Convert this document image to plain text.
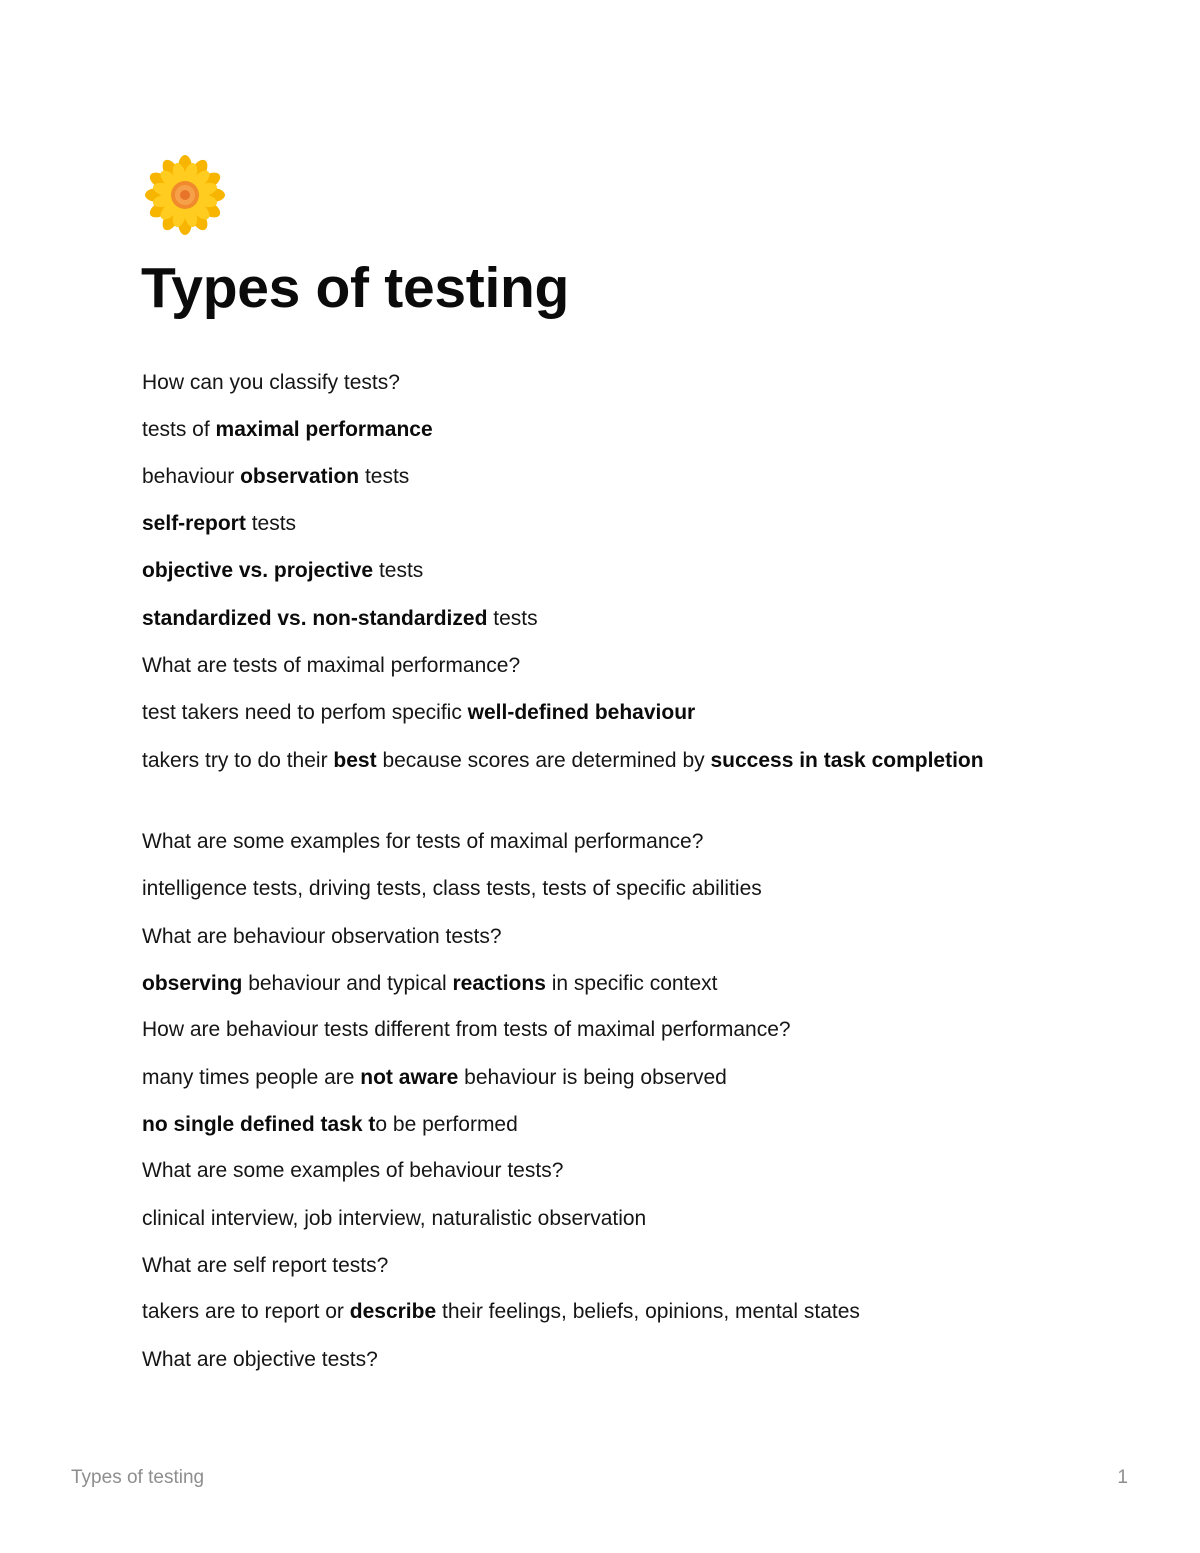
Types of testing

How can you classify tests?

tests of maximal performance

behaviour observation tests

self-report tests

objective vs. projective tests

standardized vs. non-standardized tests

What are tests of maximal performance?

test takers need to perfom specific well-defined behaviour

takers try to do their best because scores are determined by success in task completion

What are some examples for tests of maximal performance?

intelligence tests, driving tests, class tests, tests of specific abilities

What are behaviour observation tests?

observing behaviour and typical reactions in specific context

How are behaviour tests different from tests of maximal performance?

many times people are not aware behaviour is being observed

no single defined task to be performed

What are some examples of behaviour tests?

clinical interview, job interview, naturalistic observation

What are self report tests?

takers are to report or describe their feelings, beliefs, opinions, mental states

What are objective tests?

Types of testing	1
